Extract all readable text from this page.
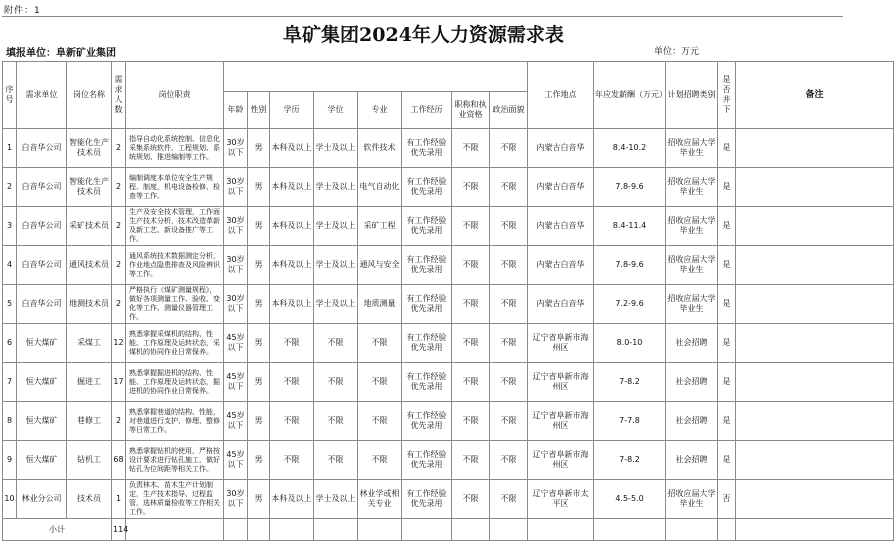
附件：1
阜矿集团2024年人力资源需求表
填报单位：阜新矿业集团	单位：万元
序号	需求单位	岗位名称	需求人数	岗位职责									工作地点	年应发薪酬（万元）	计划招聘类别	是否井下	备注
					年龄	性别	学历	学位	专业	工作经历	职称和执业资格	政治面貌					
1	白音华公司	智能化生产技术员	2	指导自动化系统控制、信息化采集系统软件、工程规划、系统规划、推进编制等工作。	30岁以下	男	本科及以上	学士及以上	软件技术	有工作经验优先录用	不限	不限	内蒙古白音华	8.4-10.2	招收应届大学毕业生	是	
2	白音华公司	智能化生产技术员	2	编制调度本单位安全生产规程、制度，机电设备检修、检查等工作。	30岁以下	男	本科及以上	学士及以上	电气自动化	有工作经验优先录用	不限	不限	内蒙古白音华	7.8-9.6	招收应届大学毕业生	是	
3	白音华公司	采矿技术员	2	生产及安全技术管理，工作面生产技术分析，技术改造革新及新工艺、新设备推广等工作。	30岁以下	男	本科及以上	学士及以上	采矿工程	有工作经验优先录用	不限	不限	内蒙古白音华	8.4-11.4	招收应届大学毕业生	是	
4	白音华公司	通风技术员	2	通风系统技术数据测定分析，作业地点隐患排查及风险辨识等工作。	30岁以下	男	本科及以上	学士及以上	通风与安全	有工作经验优先录用	不限	不限	内蒙古白音华	7.8-9.6	招收应届大学毕业生	是	
5	白音华公司	地测技术员	2	严格执行《煤矿测量规程》，做好各项测量工作、验收、变化等工作、测量仪器管理工作。	30岁以下	男	本科及以上	学士及以上	地质测量	有工作经验优先录用	不限	不限	内蒙古白音华	7.2-9.6	招收应届大学毕业生	是	
6	恒大煤矿	采煤工	12	熟悉掌握采煤机的结构、性能、工作原理及运转状态，采煤机的协同作业日常保养。	45岁以下	男	不限	不限	不限	有工作经验优先录用	不限	不限	辽宁省阜新市海州区	8.0-10	社会招聘	是	
7	恒大煤矿	掘进工	17	熟悉掌握掘进机的结构、性能、工作原理及运转状态，掘进机的协同作业日常保养。	45岁以下	男	不限	不限	不限	有工作经验优先录用	不限	不限	辽宁省阜新市海州区	7-8.2	社会招聘	是	
8	恒大煤矿	巷修工	2	熟悉掌握巷道的结构、性能，对巷道进行支护、修理、整修等日常工作。	45岁以下	男	不限	不限	不限	有工作经验优先录用	不限	不限	辽宁省阜新市海州区	7-7.8	社会招聘	是	
9	恒大煤矿	钻机工	68	熟悉掌握钻机的使用，严格按设计要求进行钻孔施工，做好钻孔为位间距等相关工作。	45岁以下	男	不限	不限	不限	有工作经验优先录用	不限	不限	辽宁省阜新市海州区	7-8.2	社会招聘	是	
10	林业分公司	技术员	1	负责林木、苗木生产计划制定，生产技术指导、过程监管，选林质量检收等工作相关工作。	30岁以下	男	本科及以上	学士及以上	林业学或相关专业	有工作经验优先录用	不限	不限	辽宁省阜新市太平区	4.5-5.0	招收应届大学毕业生	否	
小计			114														
